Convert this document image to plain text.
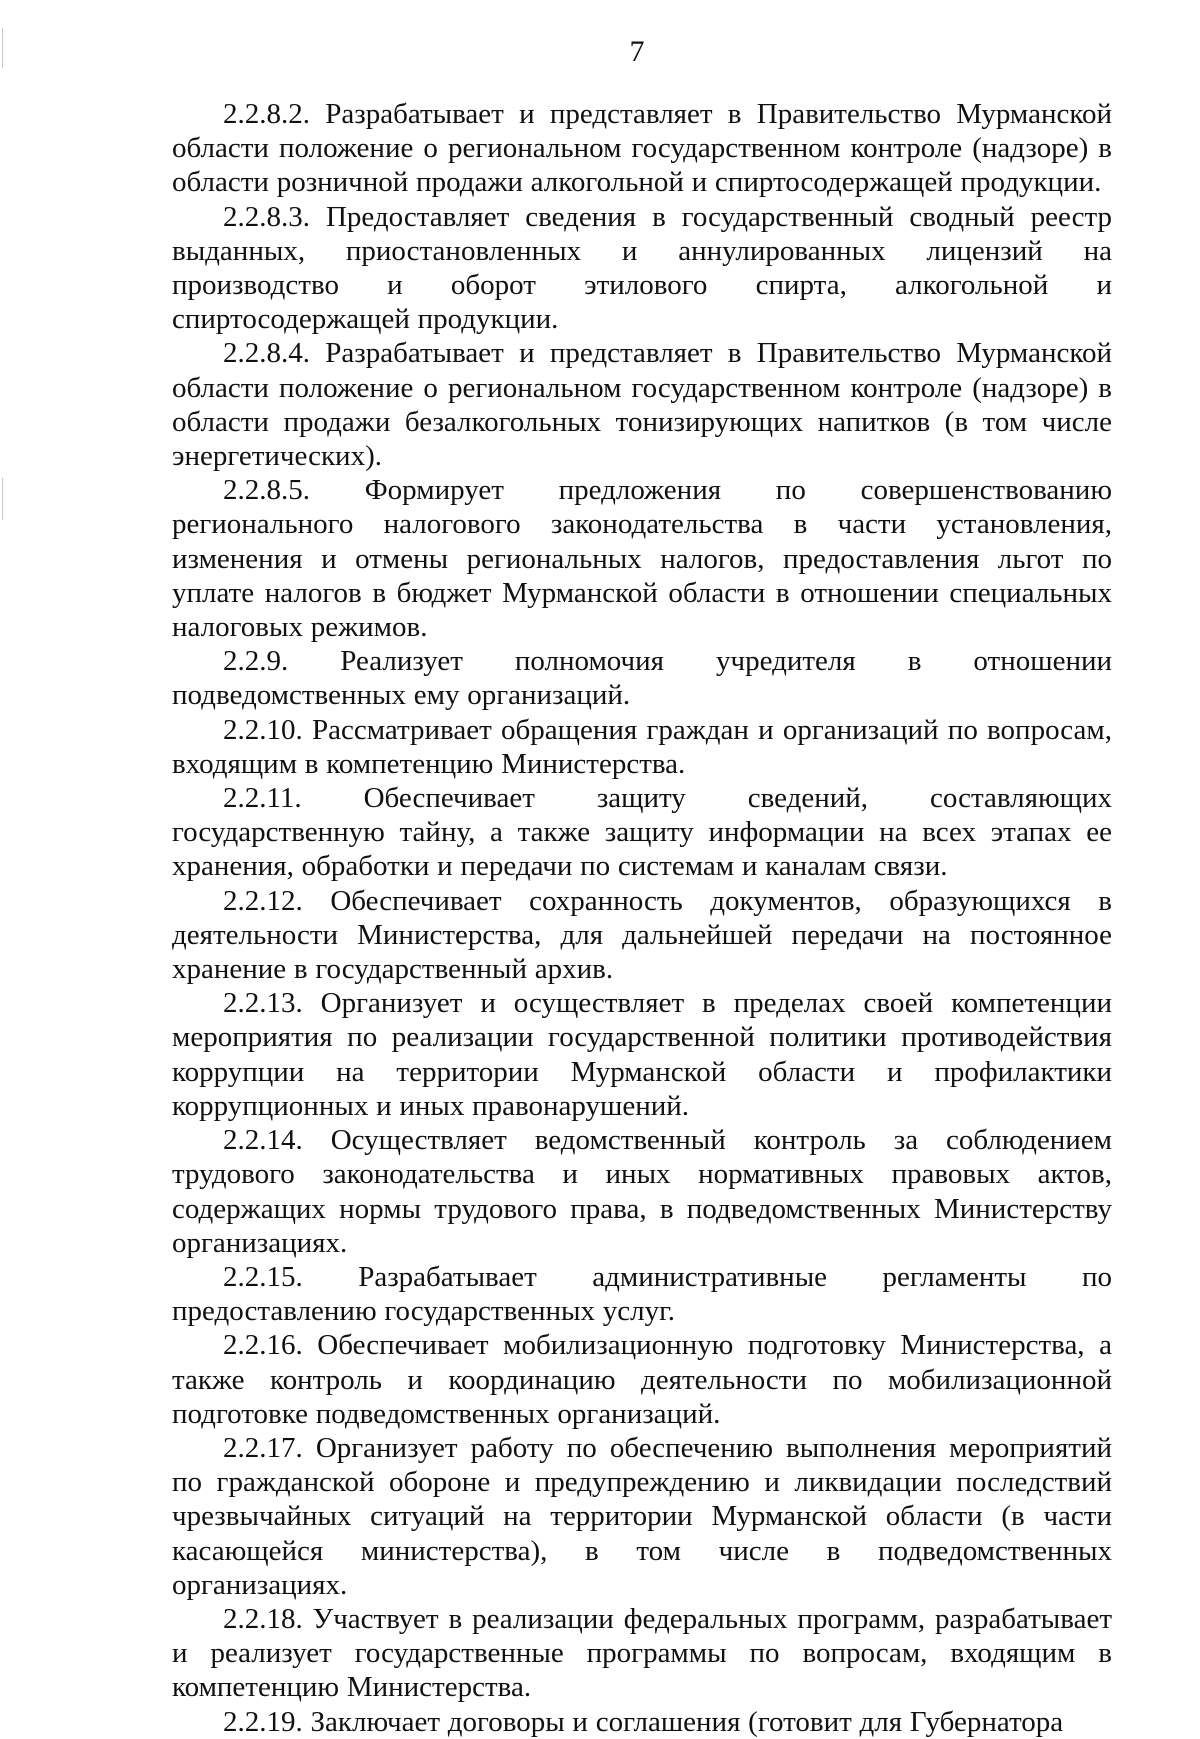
7

2.2.8.2. Разрабатывает и представляет в Правительство Мурманской области положение о региональном государственном контроле (надзоре) в области розничной продажи алкогольной и спиртосодержащей продукции.

2.2.8.3. Предоставляет сведения в государственный сводный реестр выданных, приостановленных и аннулированных лицензий на производство и оборот этилового спирта, алкогольной и спиртосодержащей продукции.

2.2.8.4. Разрабатывает и представляет в Правительство Мурманской области положение о региональном государственном контроле (надзоре) в области продажи безалкогольных тонизирующих напитков (в том числе энергетических).

2.2.8.5. Формирует предложения по совершенствованию регионального налогового законодательства в части установления, изменения и отмены региональных налогов, предоставления льгот по уплате налогов в бюджет Мурманской области в отношении специальных налоговых режимов.

2.2.9. Реализует полномочия учредителя в отношении подведомственных ему организаций.

2.2.10. Рассматривает обращения граждан и организаций по вопросам, входящим в компетенцию Министерства.

2.2.11. Обеспечивает защиту сведений, составляющих государственную тайну, а также защиту информации на всех этапах ее хранения, обработки и передачи по системам и каналам связи.

2.2.12. Обеспечивает сохранность документов, образующихся в деятельности Министерства, для дальнейшей передачи на постоянное хранение в государственный архив.

2.2.13. Организует и осуществляет в пределах своей компетенции мероприятия по реализации государственной политики противодействия коррупции на территории Мурманской области и профилактики коррупционных и иных правонарушений.

2.2.14. Осуществляет ведомственный контроль за соблюдением трудового законодательства и иных нормативных правовых актов, содержащих нормы трудового права, в подведомственных Министерству организациях.

2.2.15. Разрабатывает административные регламенты по предоставлению государственных услуг.

2.2.16. Обеспечивает мобилизационную подготовку Министерства, а также контроль и координацию деятельности по мобилизационной подготовке подведомственных организаций.

2.2.17. Организует работу по обеспечению выполнения мероприятий по гражданской обороне и предупреждению и ликвидации последствий чрезвычайных ситуаций на территории Мурманской области (в части касающейся министерства), в том числе в подведомственных организациях.

2.2.18. Участвует в реализации федеральных программ, разрабатывает и реализует государственные программы по вопросам, входящим в компетенцию Министерства.

2.2.19. Заключает договоры и соглашения (готовит для Губернатора
